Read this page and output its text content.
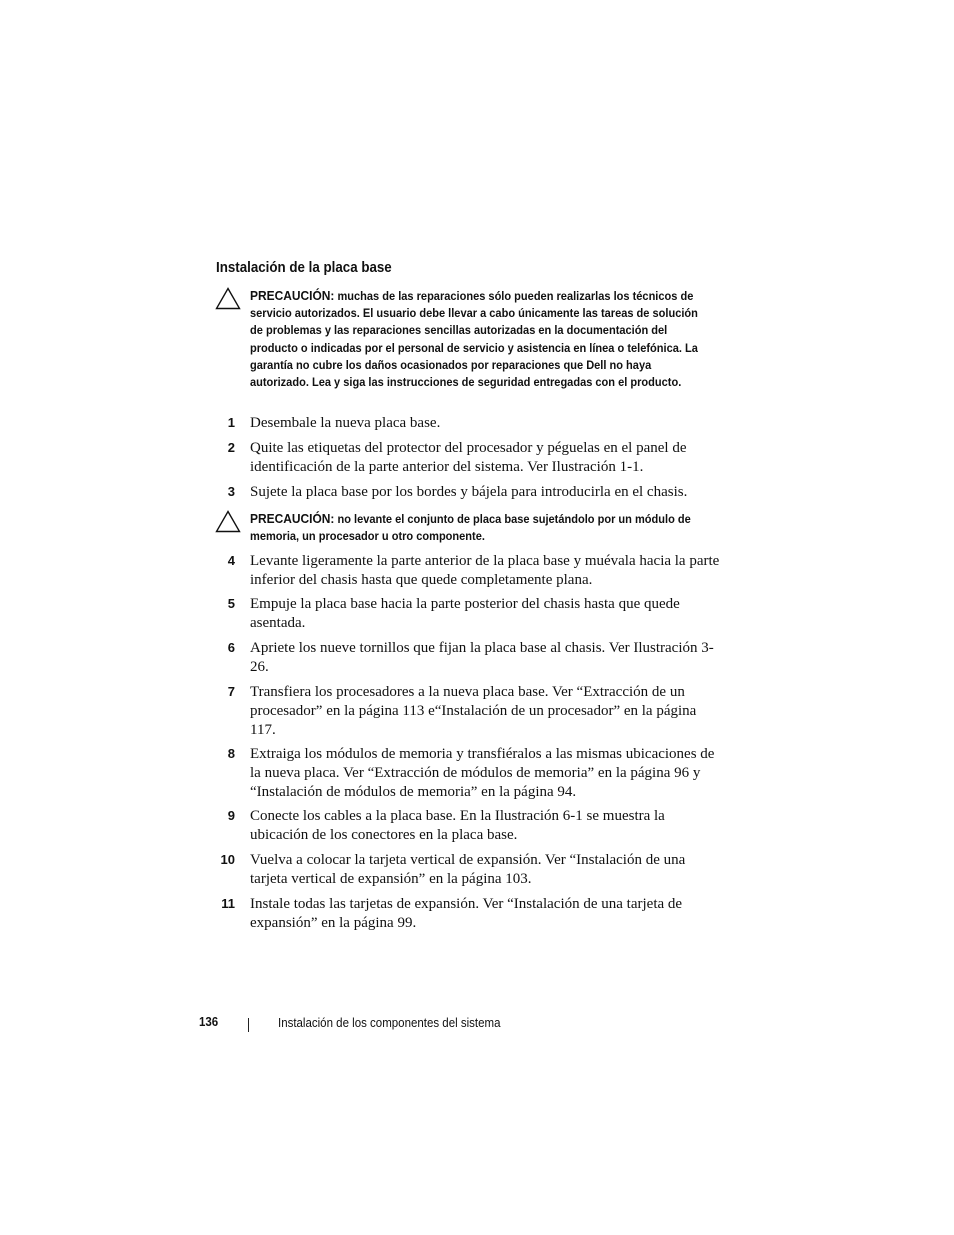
Instalación de la placa base
PRECAUCIÓN: muchas de las reparaciones sólo pueden realizarlas los técnicos de servicio autorizados. El usuario debe llevar a cabo únicamente las tareas de solución de problemas y las reparaciones sencillas autorizadas en la documentación del producto o indicadas por el personal de servicio y asistencia en línea o telefónica. La garantía no cubre los daños ocasionados por reparaciones que Dell no haya autorizado. Lea y siga las instrucciones de seguridad entregadas con el producto.
1 Desembale la nueva placa base.
2 Quite las etiquetas del protector del procesador y péguelas en el panel de identificación de la parte anterior del sistema. Ver Ilustración 1-1.
3 Sujete la placa base por los bordes y bájela para introducirla en el chasis.
PRECAUCIÓN: no levante el conjunto de placa base sujetándolo por un módulo de memoria, un procesador u otro componente.
4 Levante ligeramente la parte anterior de la placa base y muévala hacia la parte inferior del chasis hasta que quede completamente plana.
5 Empuje la placa base hacia la parte posterior del chasis hasta que quede asentada.
6 Apriete los nueve tornillos que fijan la placa base al chasis. Ver Ilustración 3-26.
7 Transfiera los procesadores a la nueva placa base. Ver “Extracción de un procesador” en la página 113 e“Instalación de un procesador” en la página 117.
8 Extraiga los módulos de memoria y transfiéralos a las mismas ubicaciones de la nueva placa. Ver “Extracción de módulos de memoria” en la página 96 y “Instalación de módulos de memoria” en la página 94.
9 Conecte los cables a la placa base. En la Ilustración 6-1 se muestra la ubicación de los conectores en la placa base.
10 Vuelva a colocar la tarjeta vertical de expansión. Ver “Instalación de una tarjeta vertical de expansión” en la página 103.
11 Instale todas las tarjetas de expansión. Ver “Instalación de una tarjeta de expansión” en la página 99.
136	Instalación de los componentes del sistema
